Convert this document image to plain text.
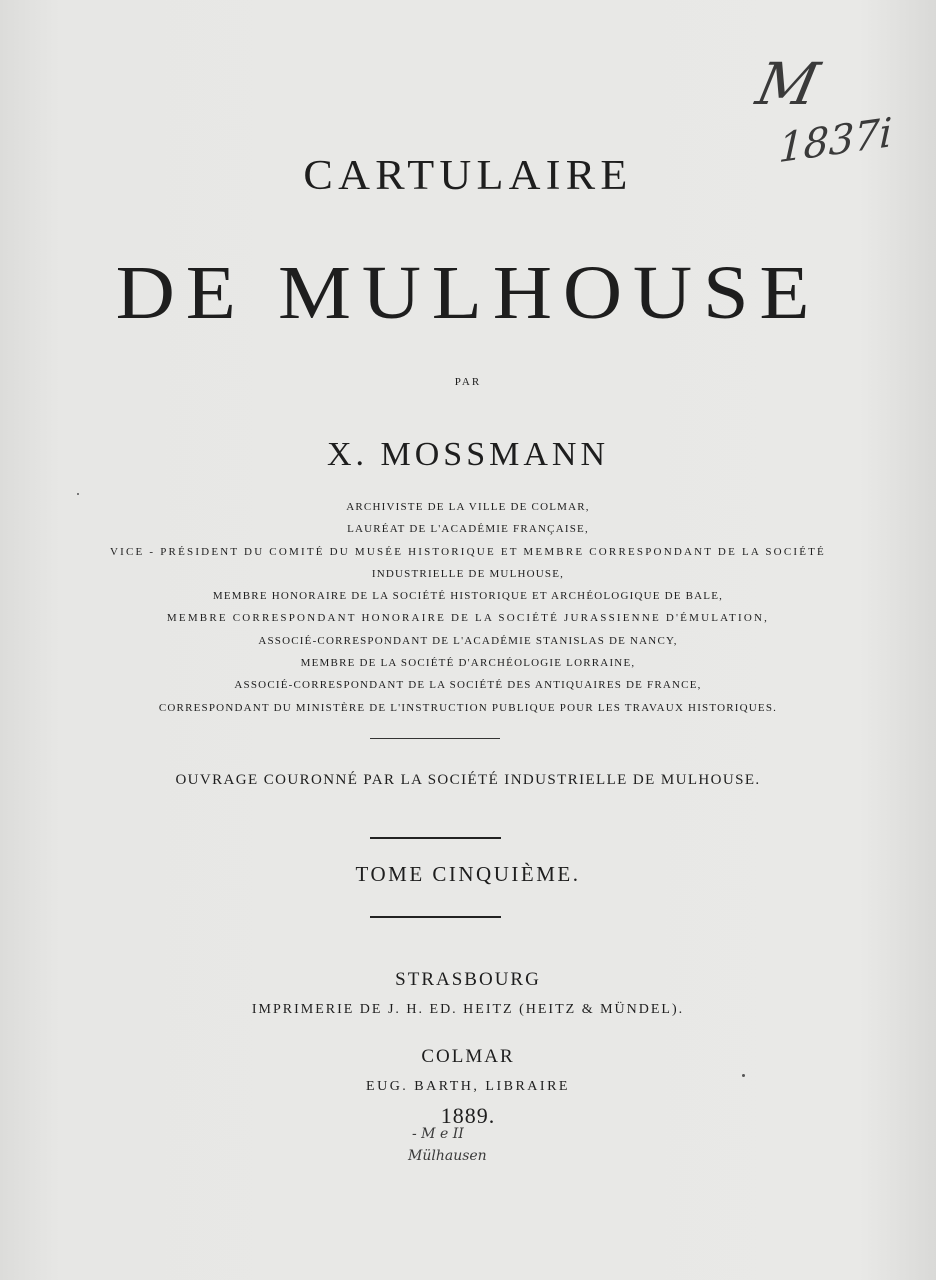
M
1837i
CARTULAIRE
DE MULHOUSE
PAR
X. MOSSMANN
ARCHIVISTE DE LA VILLE DE COLMAR,
LAURÉAT DE L'ACADÉMIE FRANÇAISE,
VICE - PRÉSIDENT DU COMITÉ DU MUSÉE HISTORIQUE ET MEMBRE CORRESPONDANT DE LA SOCIÉTÉ
INDUSTRIELLE DE MULHOUSE,
MEMBRE HONORAIRE DE LA SOCIÉTÉ HISTORIQUE ET ARCHÉOLOGIQUE DE BALE,
MEMBRE CORRESPONDANT HONORAIRE DE LA SOCIÉTÉ JURASSIENNE D'ÉMULATION,
ASSOCIÉ-CORRESPONDANT DE L'ACADÉMIE STANISLAS DE NANCY,
MEMBRE DE LA SOCIÉTÉ D'ARCHÉOLOGIE LORRAINE,
ASSOCIÉ-CORRESPONDANT DE LA SOCIÉTÉ DES ANTIQUAIRES DE FRANCE,
CORRESPONDANT DU MINISTÈRE DE L'INSTRUCTION PUBLIQUE POUR LES TRAVAUX HISTORIQUES.
OUVRAGE COURONNÉ PAR LA SOCIÉTÉ INDUSTRIELLE DE MULHOUSE.
TOME CINQUIÈME.
STRASBOURG
IMPRIMERIE DE J. H. ED. HEITZ (HEITZ & MÜNDEL).
COLMAR
EUG. BARTH, LIBRAIRE
1889.
- M e II
Mülhausen
